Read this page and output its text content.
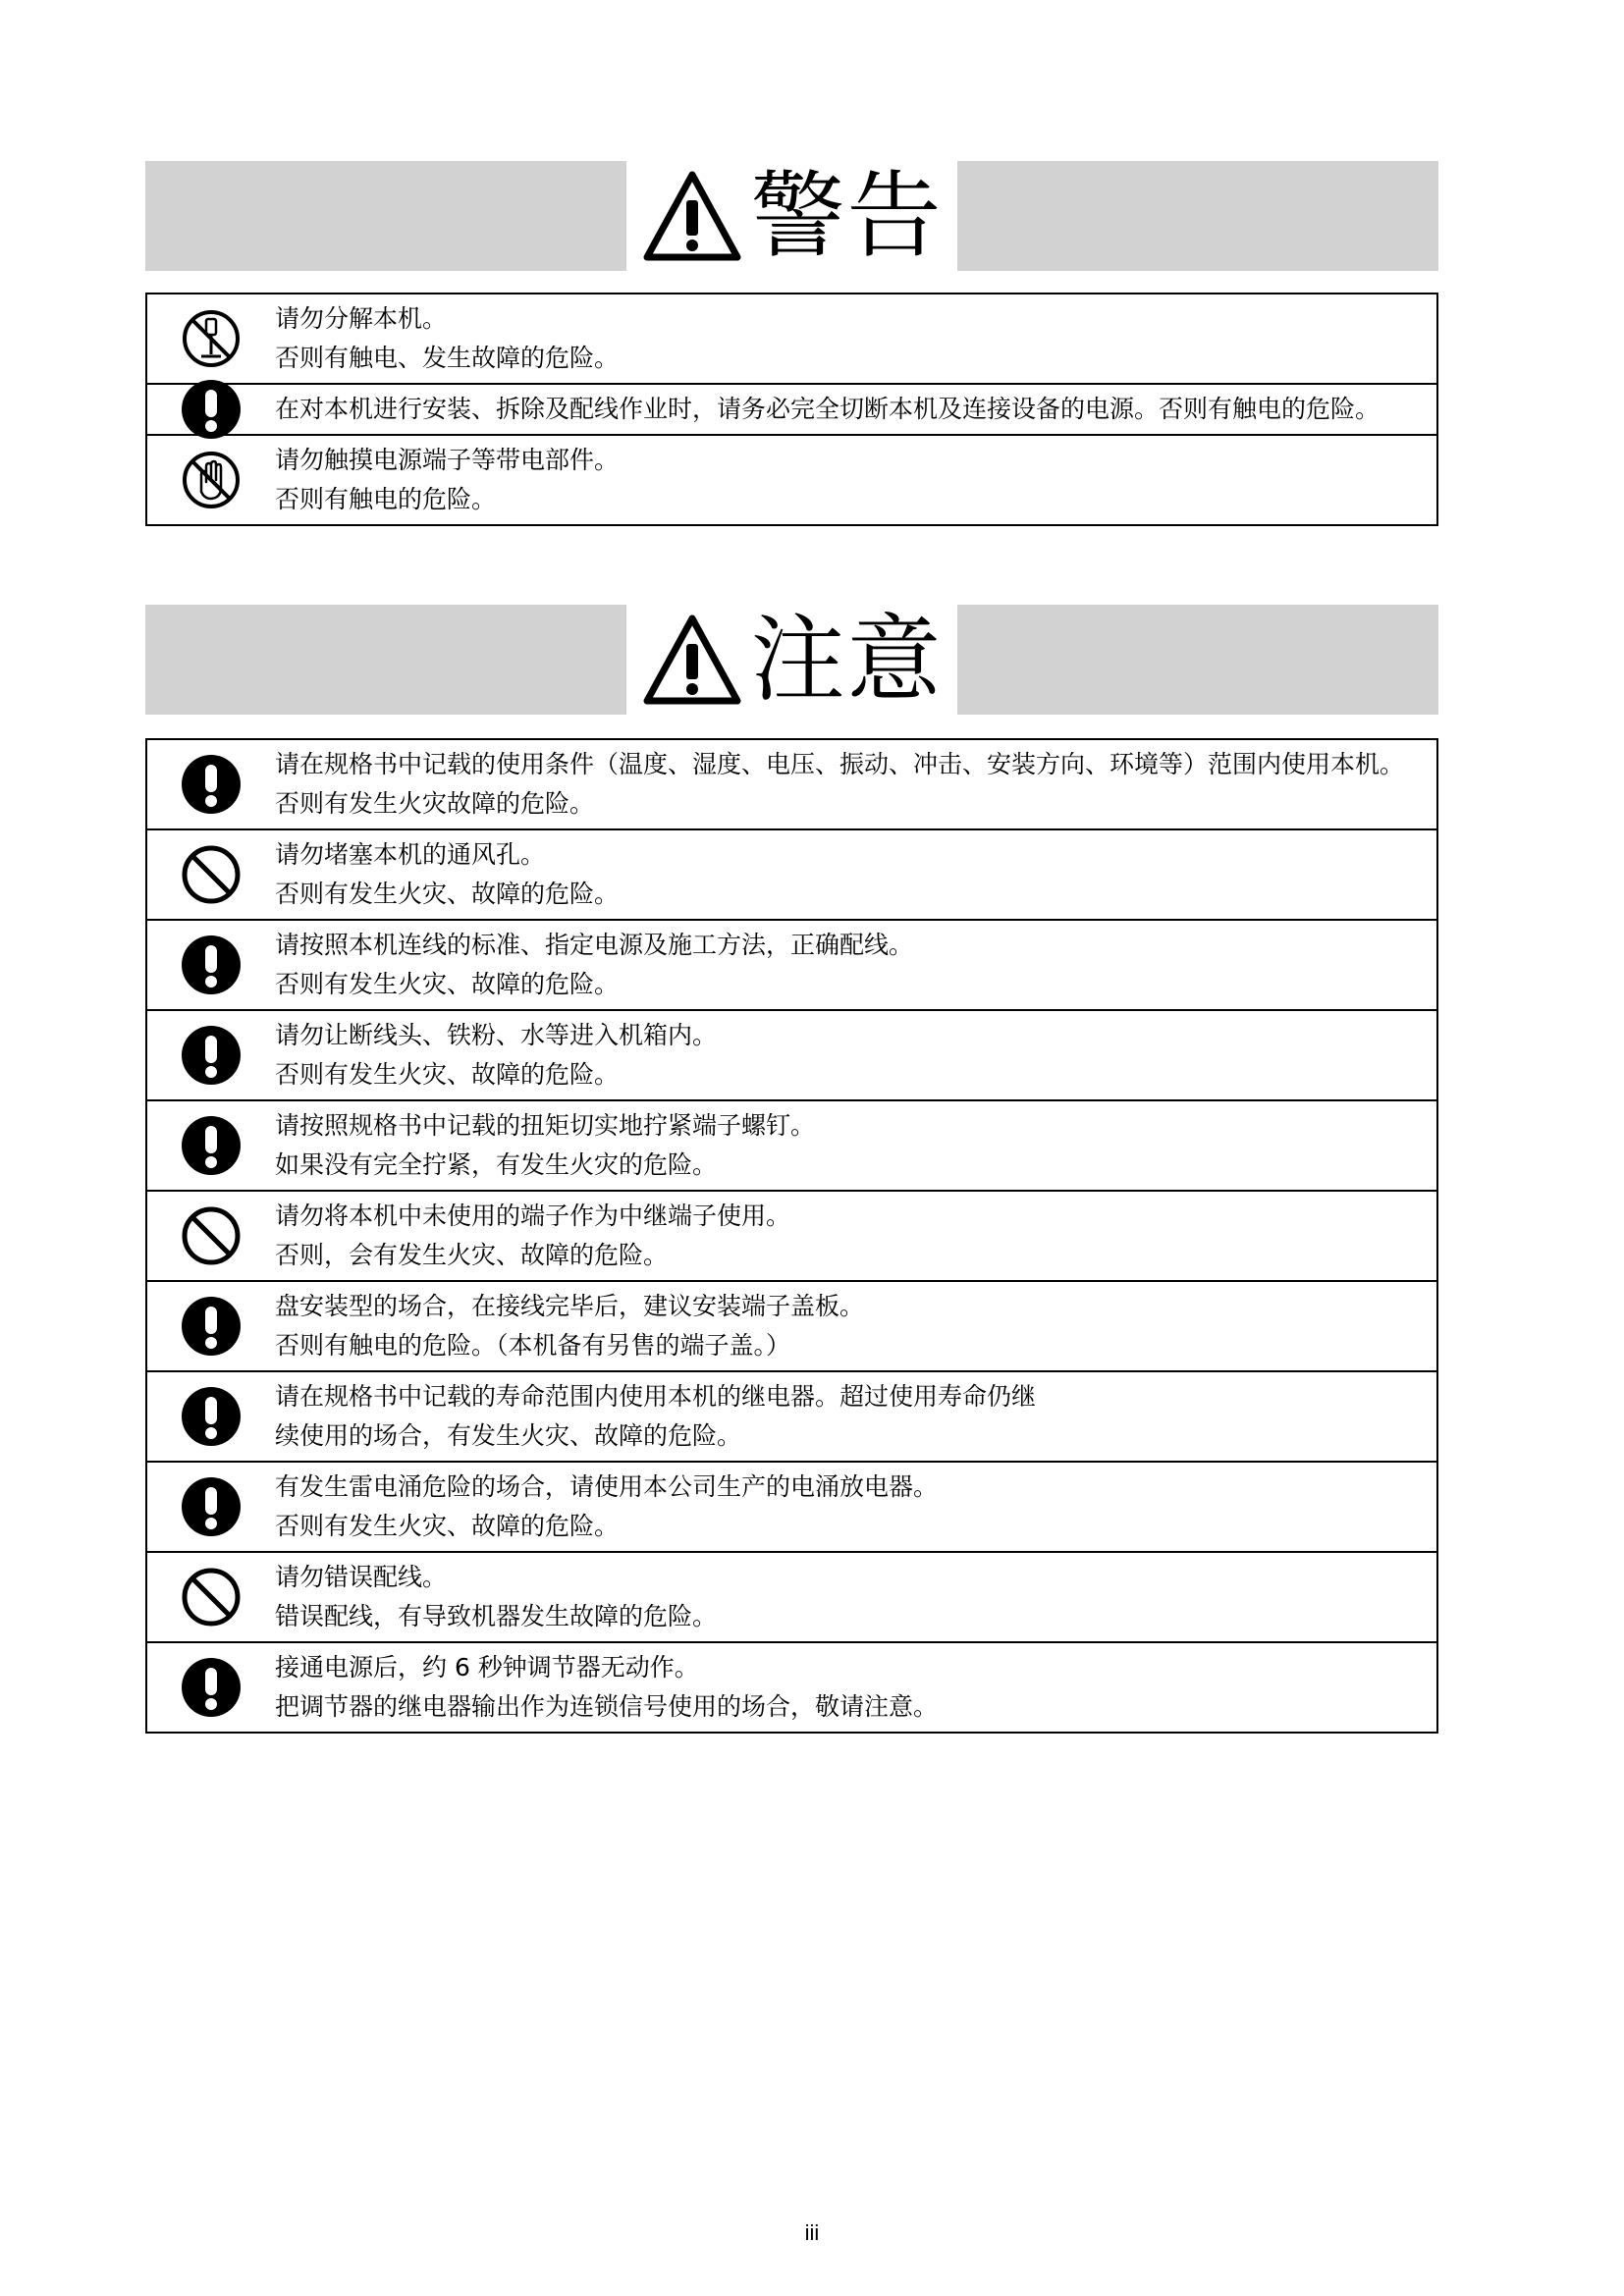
警告
请勿分解本机。
否则有触电、发生故障的危险。
在对本机进行安装、拆除及配线作业时，请务必完全切断本机及连接设备的电源。否则有触电的危险。
请勿触摸电源端子等带电部件。
否则有触电的危险。
注意
请在规格书中记载的使用条件（温度、湿度、电压、振动、冲击、安装方向、环境等）范围内使用本机。
否则有发生火灾故障的危险。
请勿堵塞本机的通风孔。
否则有发生火灾、故障的危险。
请按照本机连线的标准、指定电源及施工方法，正确配线。
否则有发生火灾、故障的危险。
请勿让断线头、铁粉、水等进入机箱内。
否则有发生火灾、故障的危险。
请按照规格书中记载的扭矩切实地拧紧端子螺钉。
如果没有完全拧紧，有发生火灾的危险。
请勿将本机中未使用的端子作为中继端子使用。
否则，会有发生火灾、故障的危险。
盘安装型的场合，在接线完毕后，建议安装端子盖板。
否则有触电的危险。（本机备有另售的端子盖。）
请在规格书中记载的寿命范围内使用本机的继电器。超过使用寿命仍继
续使用的场合，有发生火灾、故障的危险。
有发生雷电涌危险的场合，请使用本公司生产的电涌放电器。
否则有发生火灾、故障的危险。
请勿错误配线。
错误配线，有导致机器发生故障的危险。
接通电源后，约 6 秒钟调节器无动作。
把调节器的继电器输出作为连锁信号使用的场合，敬请注意。
iii
